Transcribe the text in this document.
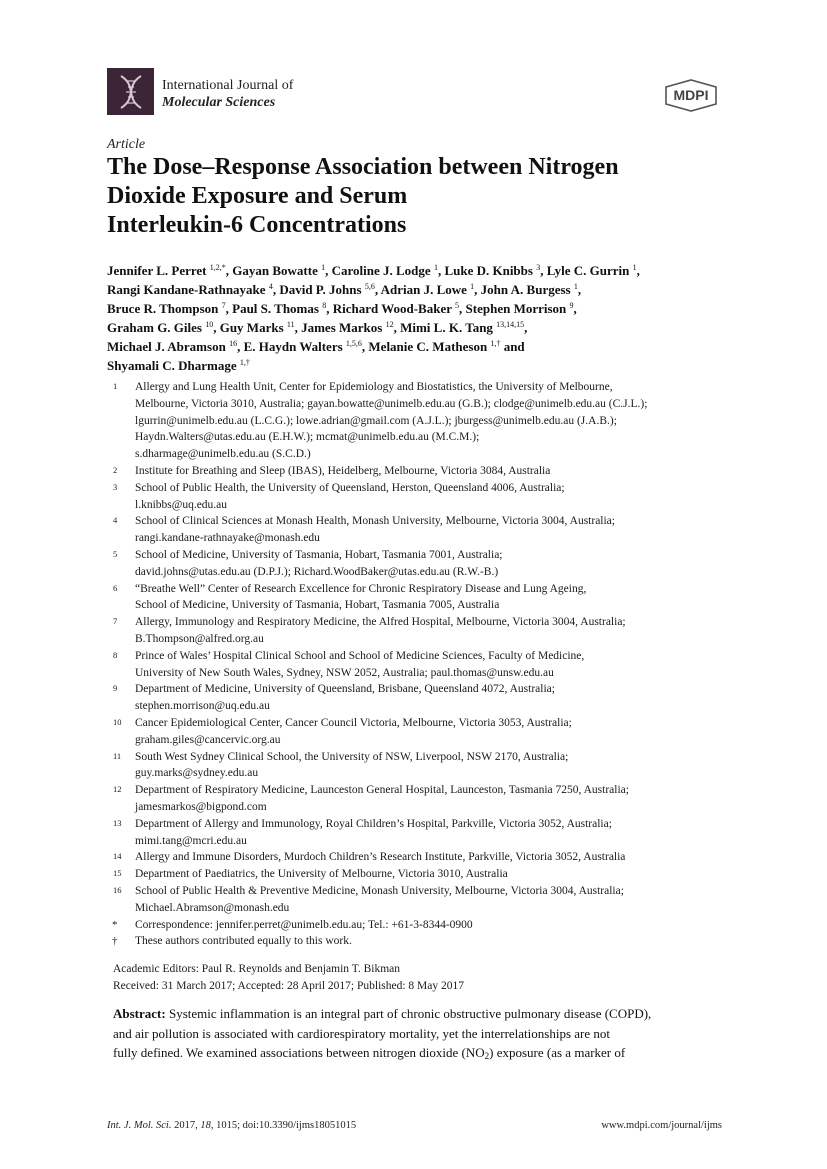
International Journal of
Molecular Sciences	MDPI
Article
The Dose–Response Association between Nitrogen
Dioxide Exposure and Serum
Interleukin-6 Concentrations
Jennifer L. Perret $^{1,2,*}$, Gayan Bowatte $^1$, Caroline J. Lodge $^1$, Luke D. Knibbs $^3$, Lyle C. Gurrin $^1$,
Rangi Kandane-Rathnayake $^4$, David P. Johns $^{5,6}$, Adrian J. Lowe $^1$, John A. Burgess $^1$,
Bruce R. Thompson $^7$, Paul S. Thomas $^8$, Richard Wood-Baker $^5$, Stephen Morrison $^9$,
Graham G. Giles $^{10}$, Guy Marks $^{11}$, James Markos $^{12}$, Mimi L. K. Tang $^{13,14,15}$,
Michael J. Abramson $^{16}$, E. Haydn Walters $^{1,5,6}$, Melanie C. Matheson $^{1,\dagger}$ and
Shyamali C. Dharmage $^{1,\dagger}$
1 Allergy and Lung Health Unit, Center for Epidemiology and Biostatistics, the University of Melbourne,
Melbourne, Victoria 3010, Australia; gayan.bowatte@unimelb.edu.au (G.B.); clodge@unimelb.edu.au (C.J.L.);
lgurrin@unimelb.edu.au (L.C.G.); lowe.adrian@gmail.com (A.J.L.); jburgess@unimelb.edu.au (J.A.B.);
Haydn.Walters@utas.edu.au (E.H.W.); mcmat@unimelb.edu.au (M.C.M.);
s.dharmage@unimelb.edu.au (S.C.D.)
2 Institute for Breathing and Sleep (IBAS), Heidelberg, Melbourne, Victoria 3084, Australia
3 School of Public Health, the University of Queensland, Herston, Queensland 4006, Australia;
l.knibbs@uq.edu.au
4 School of Clinical Sciences at Monash Health, Monash University, Melbourne, Victoria 3004, Australia;
rangi.kandane-rathnayake@monash.edu
5 School of Medicine, University of Tasmania, Hobart, Tasmania 7001, Australia;
david.johns@utas.edu.au (D.P.J.); Richard.WoodBaker@utas.edu.au (R.W.-B.)
6 “Breathe Well” Center of Research Excellence for Chronic Respiratory Disease and Lung Ageing,
School of Medicine, University of Tasmania, Hobart, Tasmania 7005, Australia
7 Allergy, Immunology and Respiratory Medicine, the Alfred Hospital, Melbourne, Victoria 3004, Australia;
B.Thompson@alfred.org.au
8 Prince of Wales’ Hospital Clinical School and School of Medicine Sciences, Faculty of Medicine,
University of New South Wales, Sydney, NSW 2052, Australia; paul.thomas@unsw.edu.au
9 Department of Medicine, University of Queensland, Brisbane, Queensland 4072, Australia;
stephen.morrison@uq.edu.au
10 Cancer Epidemiological Center, Cancer Council Victoria, Melbourne, Victoria 3053, Australia;
graham.giles@cancervic.org.au
11 South West Sydney Clinical School, the University of NSW, Liverpool, NSW 2170, Australia;
guy.marks@sydney.edu.au
12 Department of Respiratory Medicine, Launceston General Hospital, Launceston, Tasmania 7250, Australia;
jamesmarkos@bigpond.com
13 Department of Allergy and Immunology, Royal Children’s Hospital, Parkville, Victoria 3052, Australia;
mimi.tang@mcri.edu.au
14 Allergy and Immune Disorders, Murdoch Children’s Research Institute, Parkville, Victoria 3052, Australia
15 Department of Paediatrics, the University of Melbourne, Victoria 3010, Australia
16 School of Public Health & Preventive Medicine, Monash University, Melbourne, Victoria 3004, Australia;
Michael.Abramson@monash.edu
* Correspondence: jennifer.perret@unimelb.edu.au; Tel.: +61-3-8344-0900
† These authors contributed equally to this work.
Academic Editors: Paul R. Reynolds and Benjamin T. Bikman
Received: 31 March 2017; Accepted: 28 April 2017; Published: 8 May 2017
Abstract: Systemic inflammation is an integral part of chronic obstructive pulmonary disease (COPD),
and air pollution is associated with cardiorespiratory mortality, yet the interrelationships are not
fully defined. We examined associations between nitrogen dioxide $(NO_2)$ exposure (as a marker of
Int. J. Mol. Sci. 2017, 18, 1015; doi:10.3390/ijms18051015	www.mdpi.com/journal/ijms
